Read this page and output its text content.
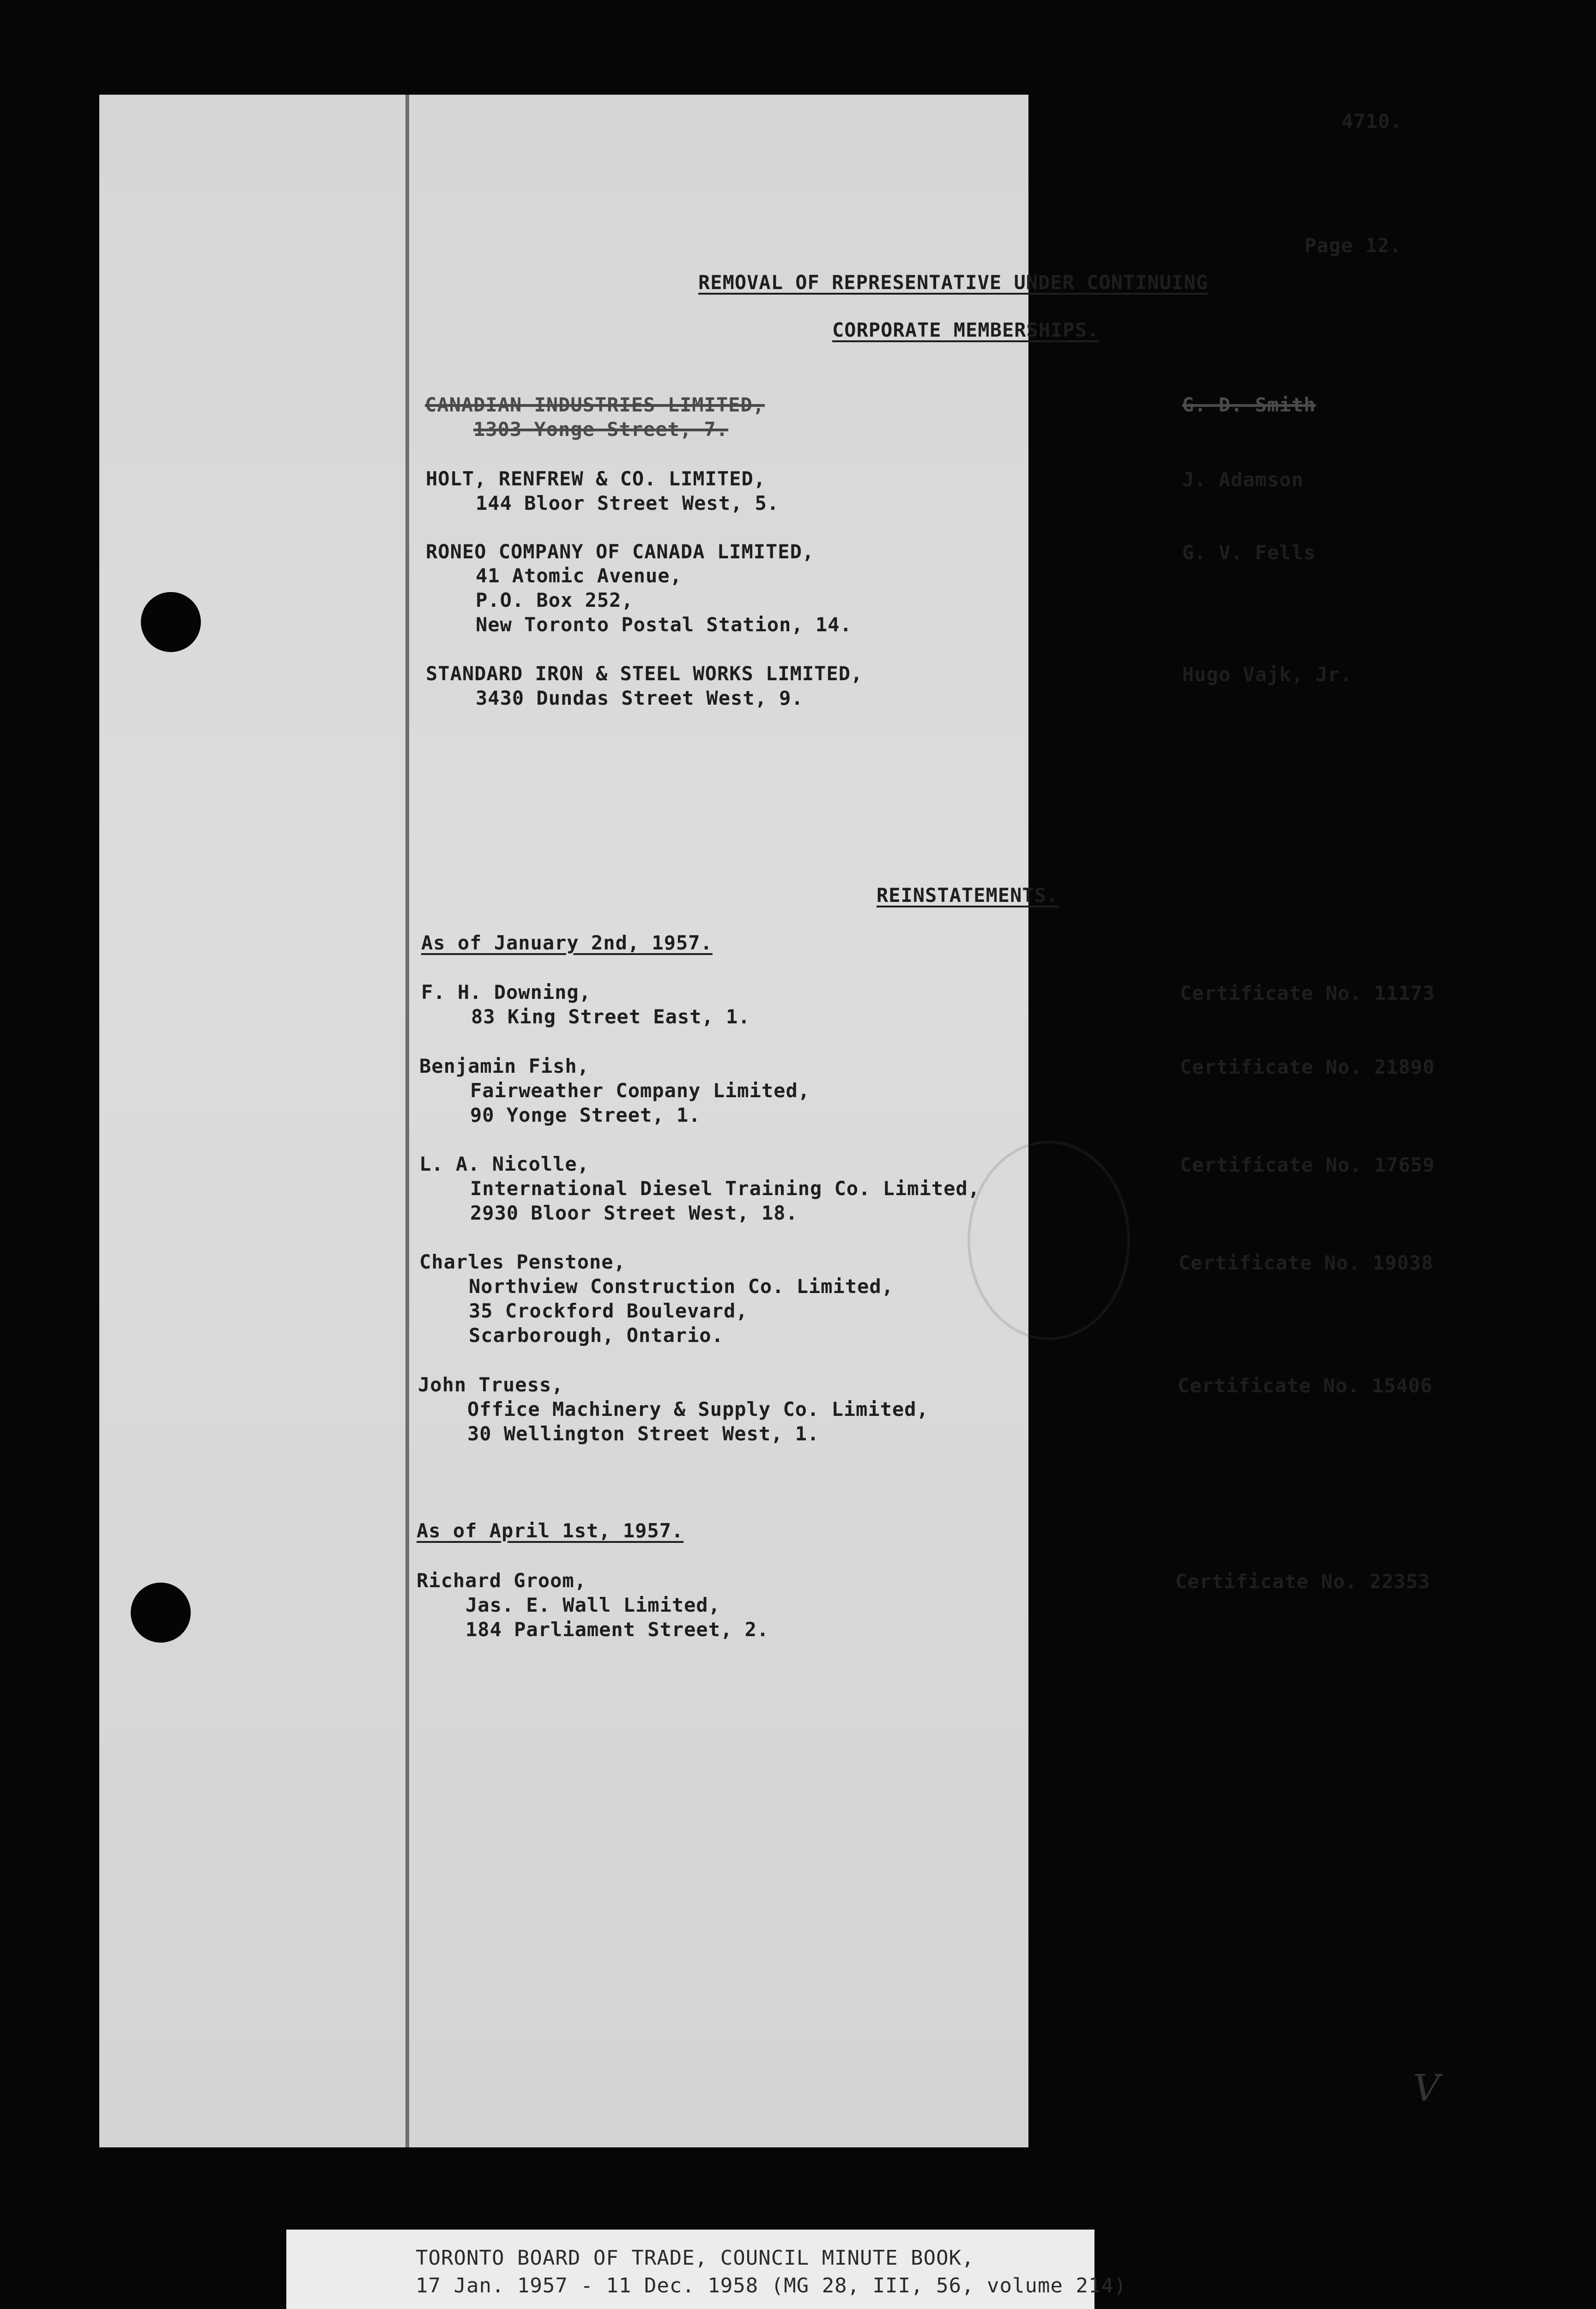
4710.
Page 12.
REMOVAL OF REPRESENTATIVE UNDER CONTINUING
CORPORATE MEMBERSHIPS.
CANADIAN INDUSTRIES LIMITED,
1303 Yonge Street, 7.
G. D. Smith
HOLT, RENFREW & CO. LIMITED,
144 Bloor Street West, 5.
J. Adamson
RONEO COMPANY OF CANADA LIMITED,
41 Atomic Avenue,
P.O. Box 252,
New Toronto Postal Station, 14.
G. V. Fells
STANDARD IRON & STEEL WORKS LIMITED,
3430 Dundas Street West, 9.
Hugo Vajk, Jr.
REINSTATEMENTS.
As of January 2nd, 1957.
F. H. Downing,
83 King Street East, 1.
Certificate No. 11173
Benjamin Fish,
Fairweather Company Limited,
90 Yonge Street, 1.
Certificate No. 21890
L. A. Nicolle,
International Diesel Training Co. Limited,
2930 Bloor Street West, 18.
Certificate No. 17659
Charles Penstone,
Northview Construction Co. Limited,
35 Crockford Boulevard,
Scarborough, Ontario.
Certificate No. 19038
John Truess,
Office Machinery & Supply Co. Limited,
30 Wellington Street West, 1.
Certificate No. 15406
As of April 1st, 1957.
Richard Groom,
Jas. E. Wall Limited,
184 Parliament Street, 2.
Certificate No. 22353
V
TORONTO BOARD OF TRADE, COUNCIL MINUTE BOOK,
17 Jan. 1957 - 11 Dec. 1958 (MG 28, III, 56, volume 214)
